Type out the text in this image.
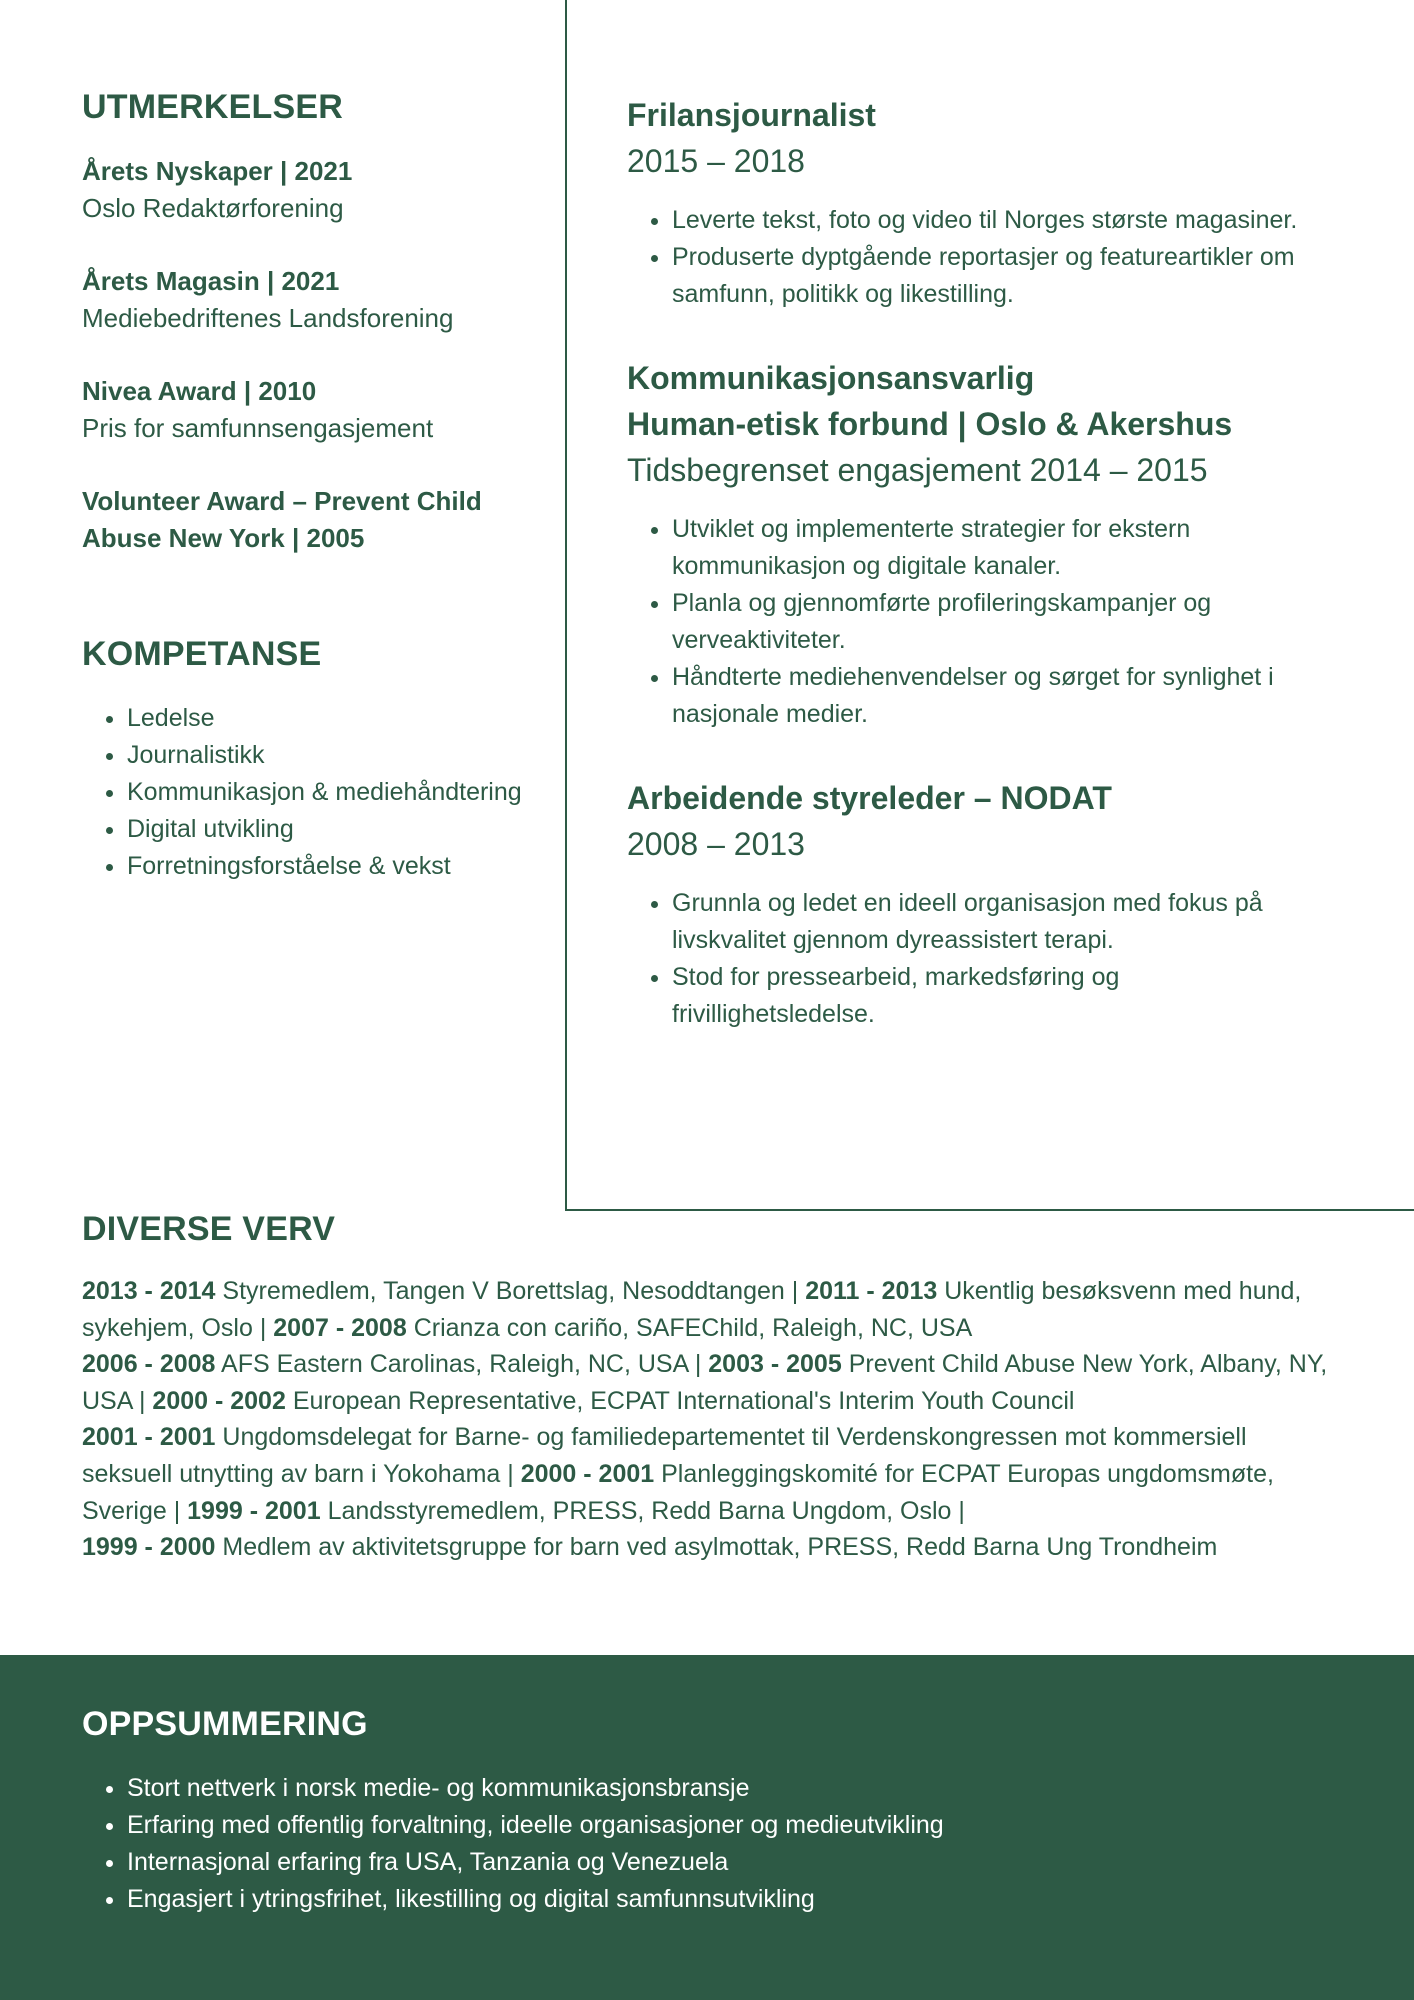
UTMERKELSER
Årets Nyskaper | 2021
Oslo Redaktørforening
Årets Magasin | 2021
Mediebedriftenes Landsforening
Nivea Award | 2010
Pris for samfunnsengasjement
Volunteer Award – Prevent Child Abuse New York | 2005
KOMPETANSE
• Ledelse
• Journalistikk
• Kommunikasjon & mediehåndtering
• Digital utvikling
• Forretningsforståelse & vekst
Frilansjournalist
2015 – 2018
• Leverte tekst, foto og video til Norges største magasiner.
• Produserte dyptgående reportasjer og featureartikler om samfunn, politikk og likestilling.
Kommunikasjonsansvarlig
Human-etisk forbund | Oslo & Akershus
Tidsbegrenset engasjement 2014 – 2015
• Utviklet og implementerte strategier for ekstern kommunikasjon og digitale kanaler.
• Planla og gjennomførte profileringskampanjer og verveaktiviteter.
• Håndterte mediehenvendelser og sørget for synlighet i nasjonale medier.
Arbeidende styreleder – NODAT
2008 – 2013
• Grunnla og ledet en ideell organisasjon med fokus på livskvalitet gjennom dyreassistert terapi.
• Stod for pressearbeid, markedsføring og frivillighetsledelse.
DIVERSE VERV
2013 - 2014 Styremedlem, Tangen V Borettslag, Nesoddtangen | 2011 - 2013 Ukentlig besøksvenn med hund, sykehjem, Oslo | 2007 - 2008 Crianza con cariño, SAFEChild, Raleigh, NC, USA
2006 - 2008 AFS Eastern Carolinas, Raleigh, NC, USA | 2003 - 2005 Prevent Child Abuse New York, Albany, NY, USA | 2000 - 2002 European Representative, ECPAT International's Interim Youth Council
2001 - 2001 Ungdomsdelegat for Barne- og familiedepartementet til Verdenskongressen mot kommersiell seksuell utnytting av barn i Yokohama | 2000 - 2001 Planleggingskomité for ECPAT Europas ungdomsmøte, Sverige | 1999 - 2001 Landsstyremedlem, PRESS, Redd Barna Ungdom, Oslo |
1999 - 2000 Medlem av aktivitetsgruppe for barn ved asylmottak, PRESS, Redd Barna Ung Trondheim
OPPSUMMERING
• Stort nettverk i norsk medie- og kommunikasjonsbransje
• Erfaring med offentlig forvaltning, ideelle organisasjoner og medieutvikling
• Internasjonal erfaring fra USA, Tanzania og Venezuela
• Engasjert i ytringsfrihet, likestilling og digital samfunnsutvikling
